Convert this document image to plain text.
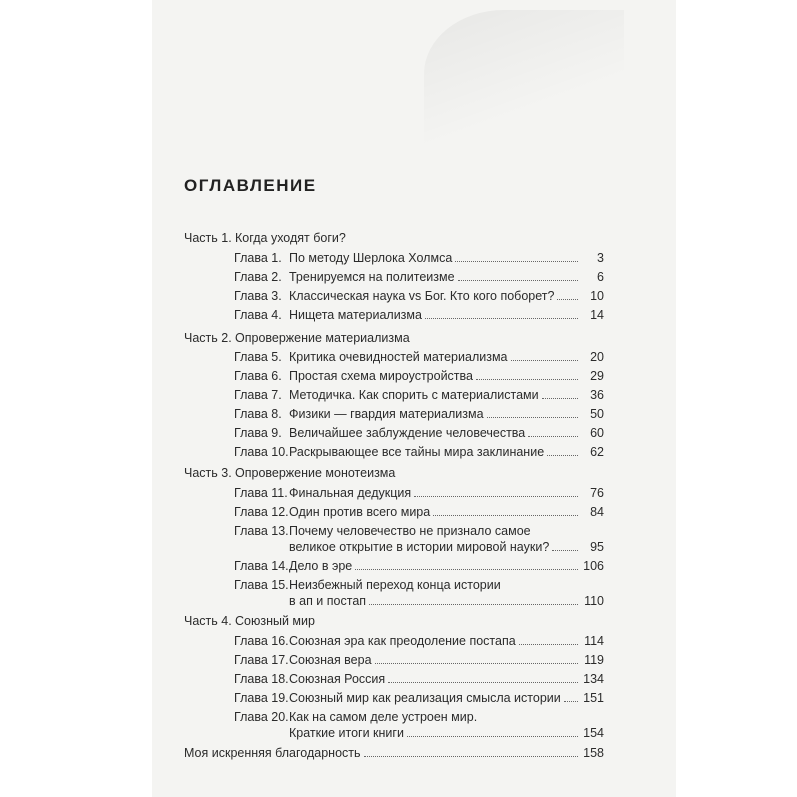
ОГЛАВЛЕНИЕ
Часть 1. Когда уходят боги?
Глава 1. По методу Шерлока Холмса	3
Глава 2. Тренируемся на политеизме	6
Глава 3. Классическая наука vs Бог. Кто кого поборет?	10
Глава 4. Нищета материализма	14
Часть 2. Опровержение материализма
Глава 5. Критика очевидностей материализма	20
Глава 6. Простая схема мироустройства	29
Глава 7. Методичка. Как спорить с материалистами	36
Глава 8. Физики — гвардия материализма	50
Глава 9. Величайшее заблуждение человечества	60
Глава 10. Раскрывающее все тайны мира заклинание	62
Часть 3. Опровержение монотеизма
Глава 11. Финальная дедукция	76
Глава 12. Один против всего мира	84
Глава 13. Почему человечество не признало самое
великое открытие в истории мировой науки?	95
Глава 14. Дело в эре	106
Глава 15. Неизбежный переход конца истории
в ап и постап	110
Часть 4. Союзный мир
Глава 16. Союзная эра как преодоление постапа	114
Глава 17. Союзная вера	119
Глава 18. Союзная Россия	134
Глава 19. Союзный мир как реализация смысла истории 151
Глава 20. Как на самом деле устроен мир.
Краткие итоги книги	154
Моя искренняя благодарность	158
